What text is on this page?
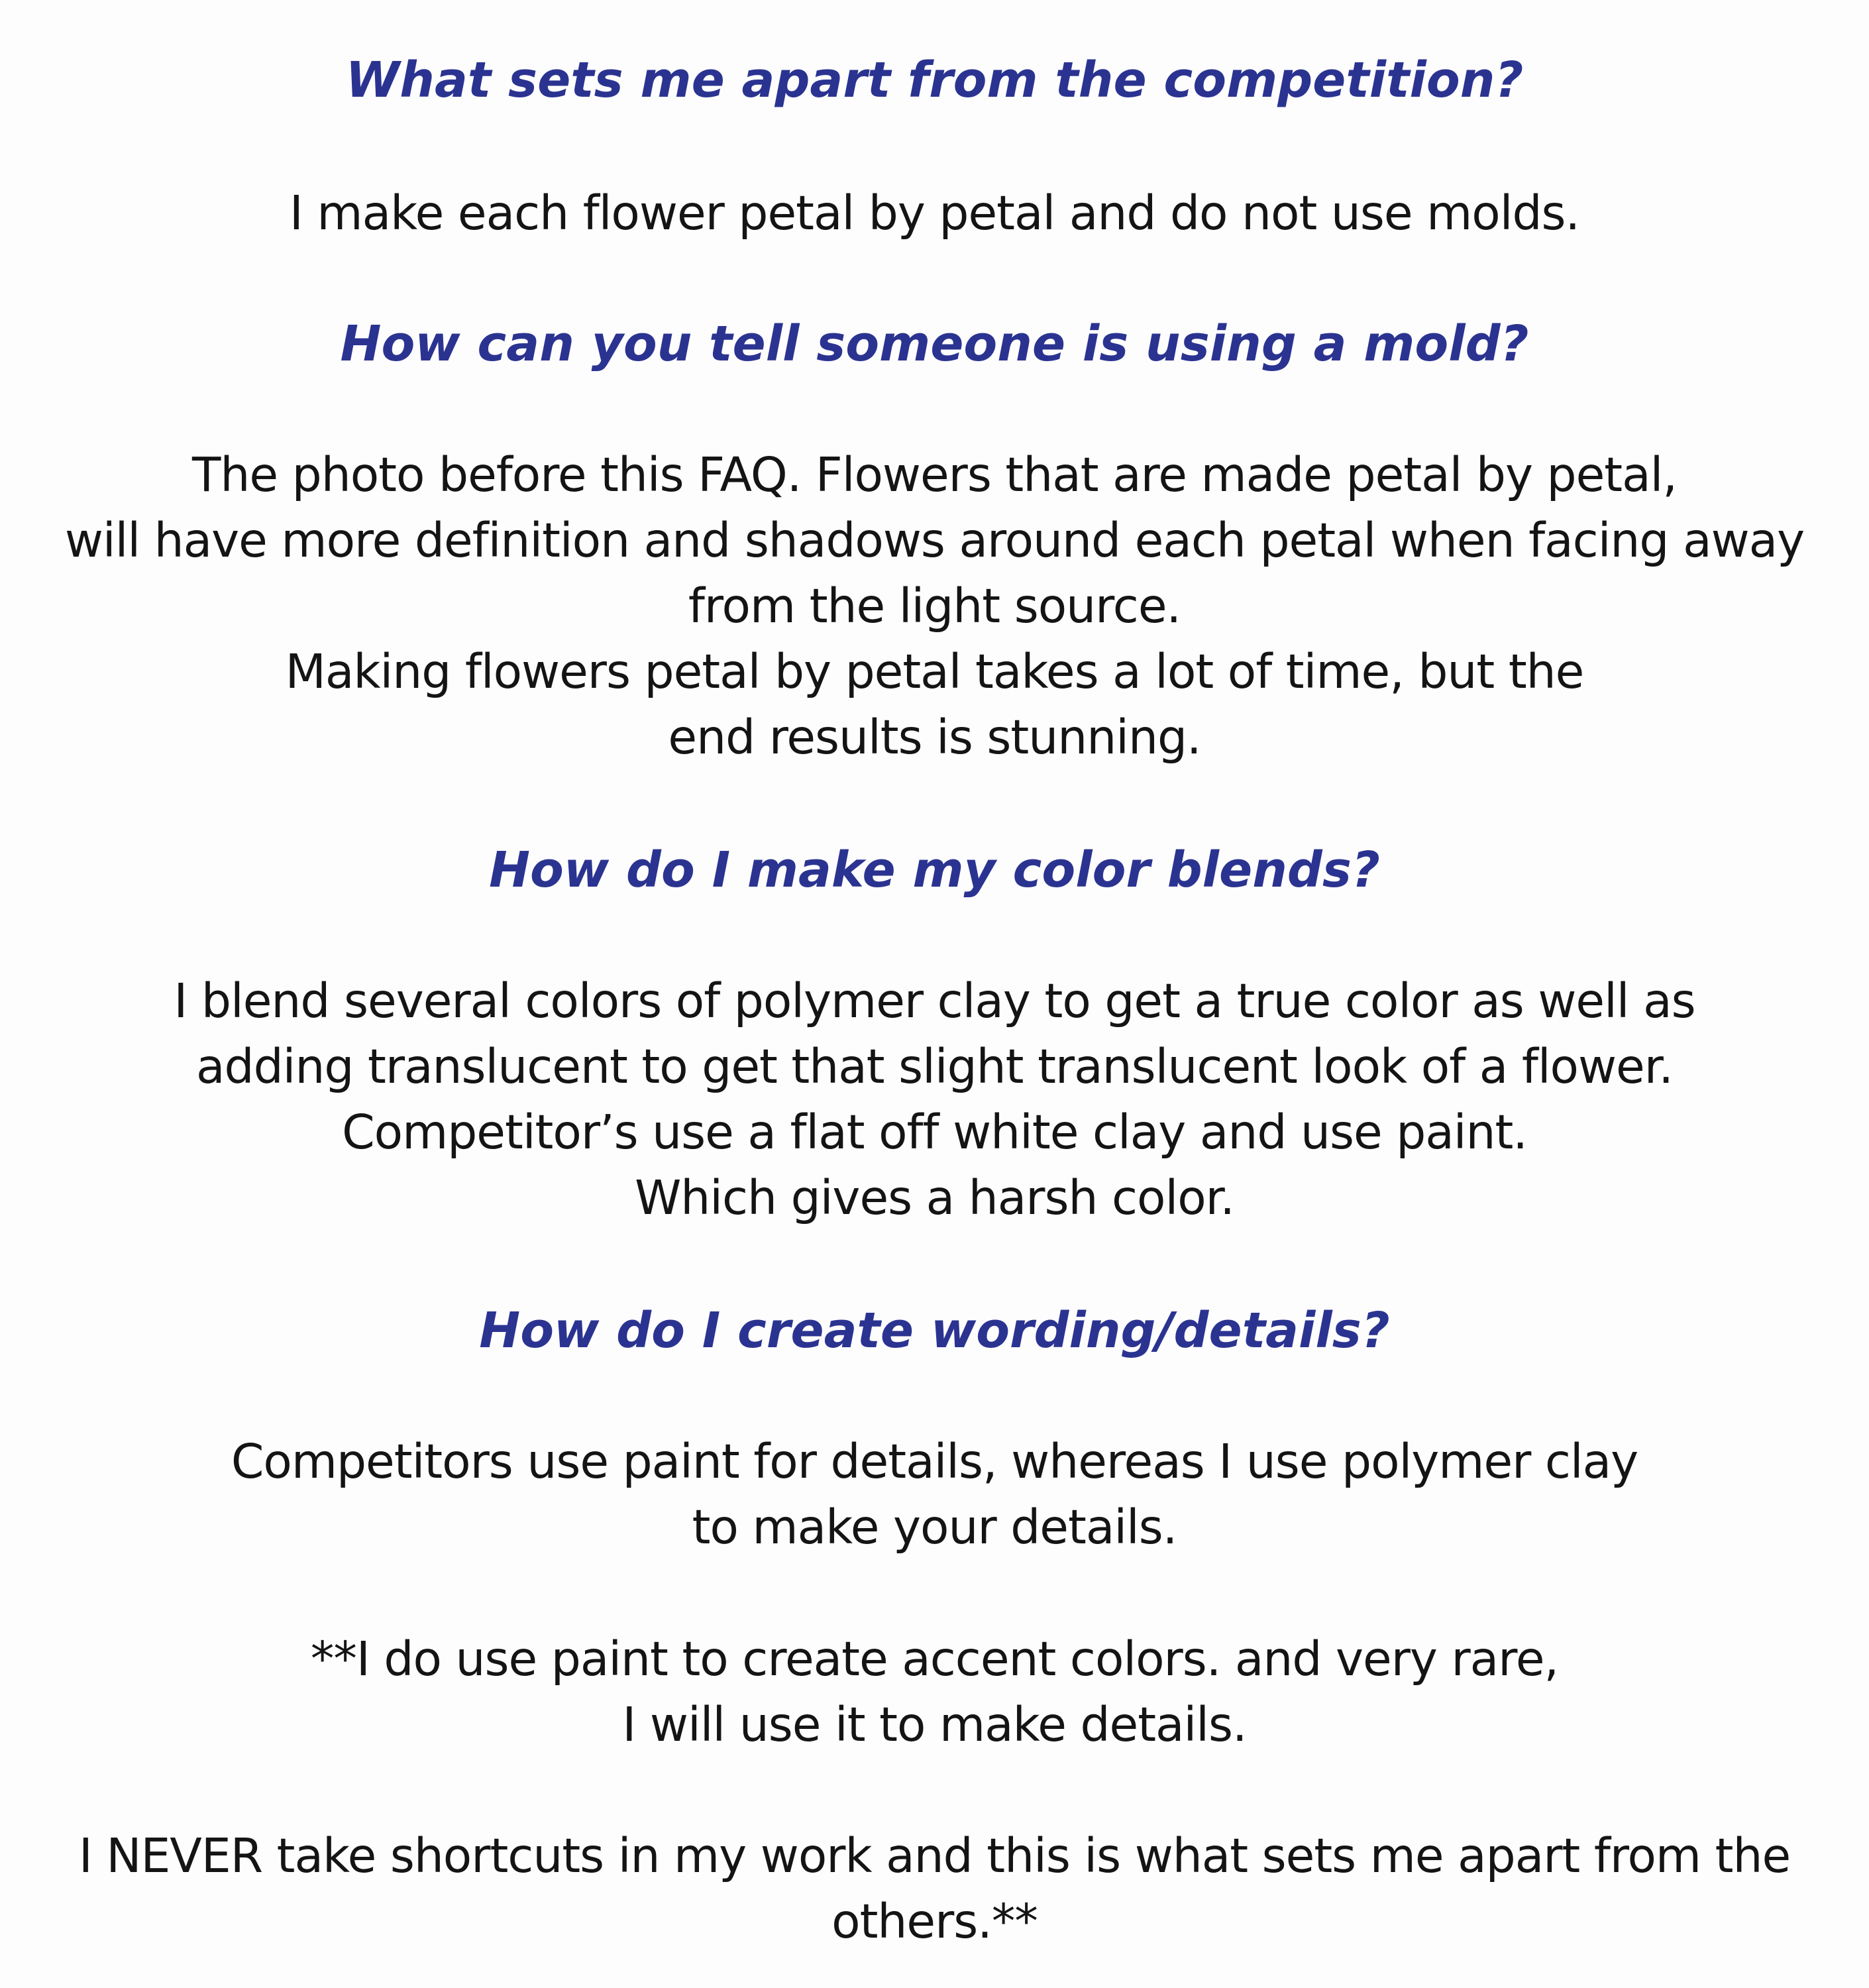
What sets me apart from the competition?
I make each flower petal by petal and do not use molds.
How can you tell someone is using a mold?
The photo before this FAQ. Flowers that are made petal by petal,
will have more definition and shadows around each petal when facing away
from the light source.
Making flowers petal by petal takes a lot of time, but the
end results is stunning.
How do I make my color blends?
I blend several colors of polymer clay to get a true color as well as
adding translucent to get that slight translucent look of a flower.
Competitor’s use a flat off white clay and use paint.
Which gives a harsh color.
How do I create wording/details?
Competitors use paint for details, whereas I use polymer clay
to make your details.
**I do use paint to create accent colors. and very rare,
I will use it to make details.
I NEVER take shortcuts in my work and this is what sets me apart from the
others.**
